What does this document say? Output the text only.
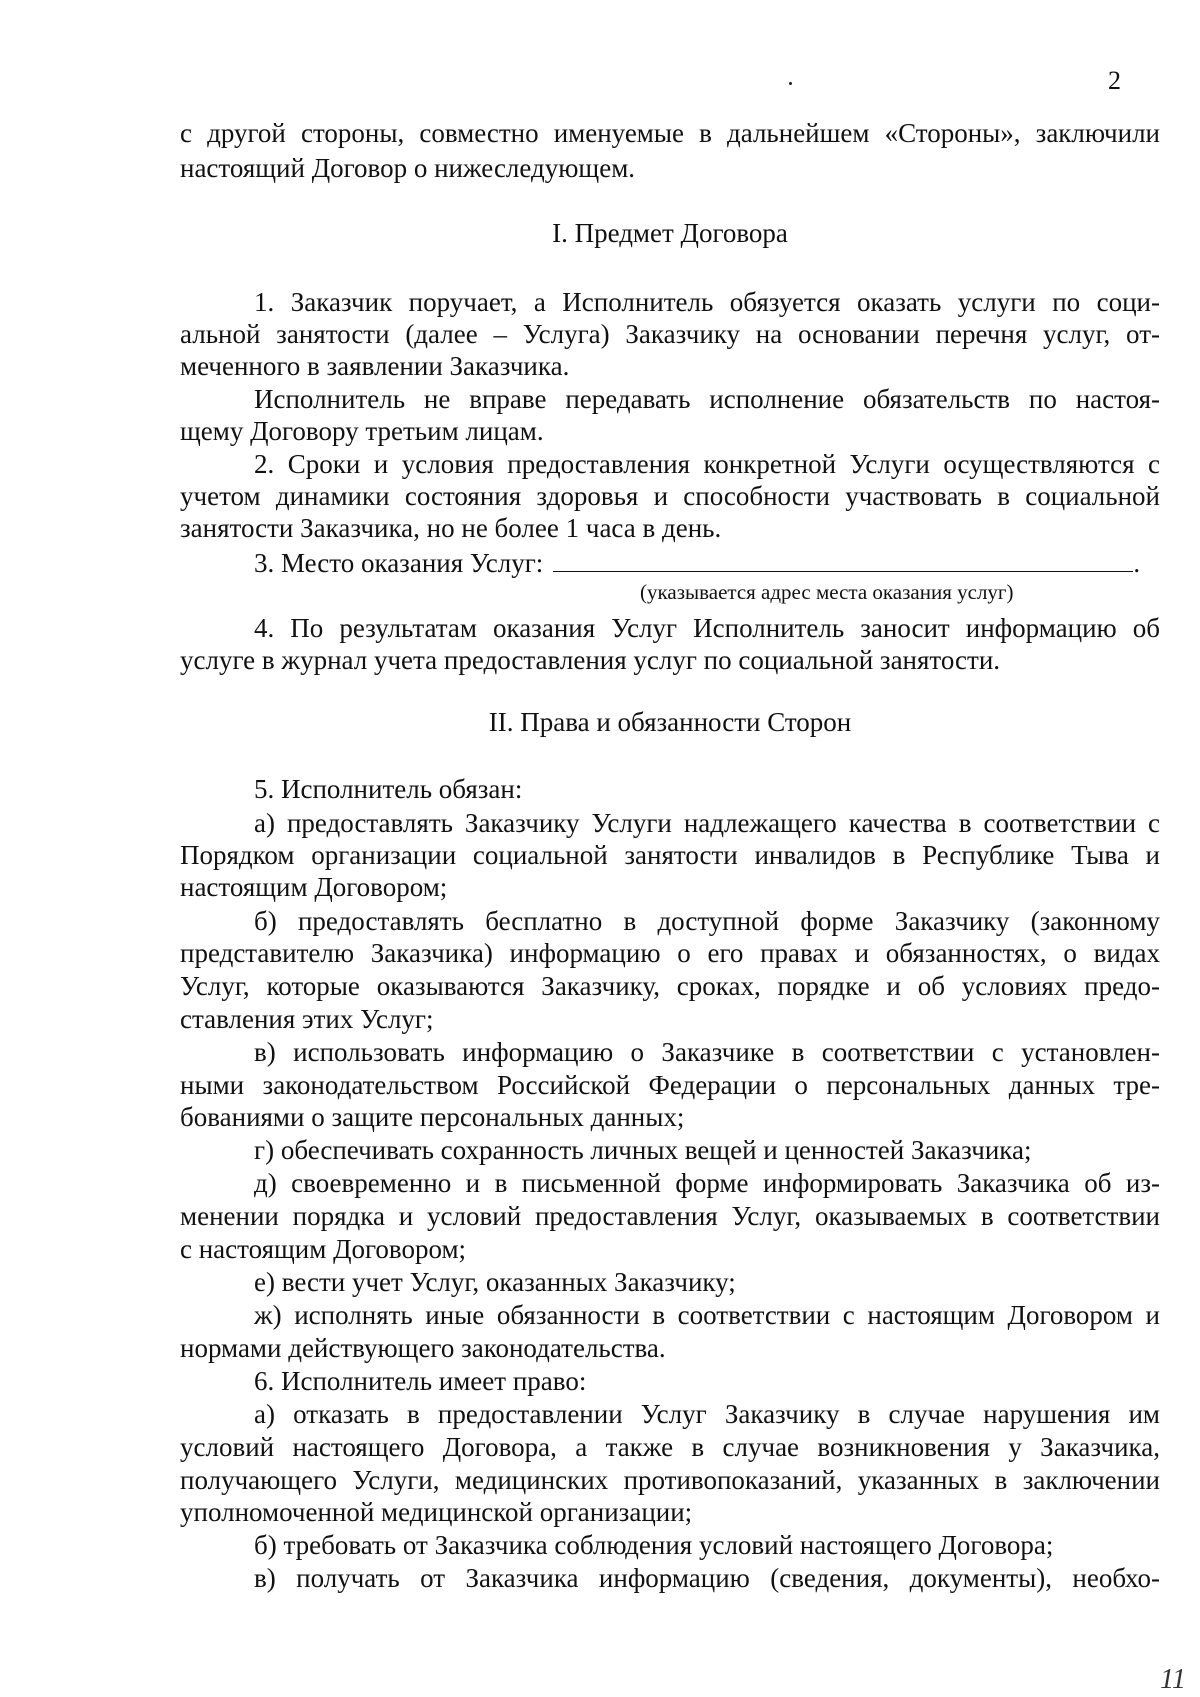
2
с другой стороны, совместно именуемые в дальнейшем «Стороны», заключили
настоящий Договор о нижеследующем.
I. Предмет Договора
1. Заказчик поручает, а Исполнитель обязуется оказать услуги по соци-
альной занятости (далее – Услуга) Заказчику на основании перечня услуг, от-
меченного в заявлении Заказчика.
Исполнитель не вправе передавать исполнение обязательств по настоя-
щему Договору третьим лицам.
2. Сроки и условия предоставления конкретной Услуги осуществляются с
учетом динамики состояния здоровья и способности участвовать в социальной
занятости Заказчика, но не более 1 часа в день.
3. Место оказания Услуг:	.
(указывается адрес места оказания услуг)
4. По результатам оказания Услуг Исполнитель заносит информацию об
услуге в журнал учета предоставления услуг по социальной занятости.
II. Права и обязанности Сторон
5. Исполнитель обязан:
а) предоставлять Заказчику Услуги надлежащего качества в соответствии с
Порядком организации социальной занятости инвалидов в Республике Тыва и
настоящим Договором;
б) предоставлять бесплатно в доступной форме Заказчику (законному
представителю Заказчика) информацию о его правах и обязанностях, о видах
Услуг, которые оказываются Заказчику, сроках, порядке и об условиях предо-
ставления этих Услуг;
в) использовать информацию о Заказчике в соответствии с установлен-
ными законодательством Российской Федерации о персональных данных тре-
бованиями о защите персональных данных;
г) обеспечивать сохранность личных вещей и ценностей Заказчика;
д) своевременно и в письменной форме информировать Заказчика об из-
менении порядка и условий предоставления Услуг, оказываемых в соответствии
с настоящим Договором;
е) вести учет Услуг, оказанных Заказчику;
ж) исполнять иные обязанности в соответствии с настоящим Договором и
нормами действующего законодательства.
6. Исполнитель имеет право:
а) отказать в предоставлении Услуг Заказчику в случае нарушения им
условий настоящего Договора, а также в случае возникновения у Заказчика,
получающего Услуги, медицинских противопоказаний, указанных в заключении
уполномоченной медицинской организации;
б) требовать от Заказчика соблюдения условий настоящего Договора;
в) получать от Заказчика информацию (сведения, документы), необхо-
11
